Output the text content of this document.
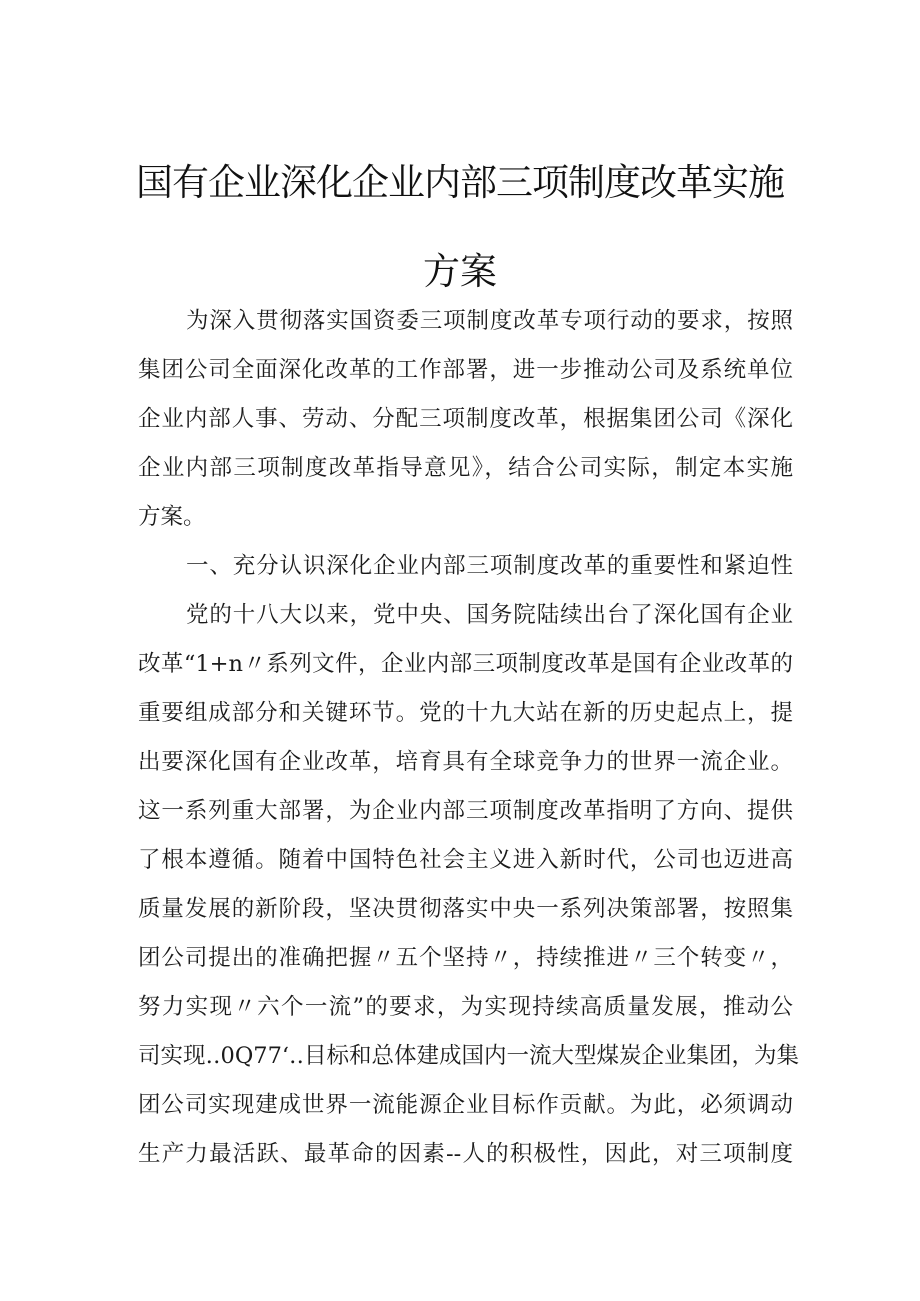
国有企业深化企业内部三项制度改革实施
方案
为深入贯彻落实国资委三项制度改革专项行动的要求，按照
集团公司全面深化改革的工作部署，进一步推动公司及系统单位
企业内部人事、劳动、分配三项制度改革，根据集团公司《深化
企业内部三项制度改革指导意见》，结合公司实际，制定本实施
方案。
一、充分认识深化企业内部三项制度改革的重要性和紧迫性
党的十八大以来，党中央、国务院陆续出台了深化国有企业
改革“1+n〃系列文件，企业内部三项制度改革是国有企业改革的
重要组成部分和关键环节。党的十九大站在新的历史起点上，提
出要深化国有企业改革，培育具有全球竞争力的世界一流企业。
这一系列重大部署，为企业内部三项制度改革指明了方向、提供
了根本遵循。随着中国特色社会主义进入新时代，公司也迈进高
质量发展的新阶段，坚决贯彻落实中央一系列决策部署，按照集
团公司提出的准确把握〃五个坚持〃，持续推进〃三个转变〃，
努力实现〃六个一流”的要求，为实现持续高质量发展，推动公
司实现‥0Q77‘‥目标和总体建成国内一流大型煤炭企业集团，为集
团公司实现建成世界一流能源企业目标作贡献。为此，必须调动
生产力最活跃、最革命的因素--人的积极性，因此，对三项制度
